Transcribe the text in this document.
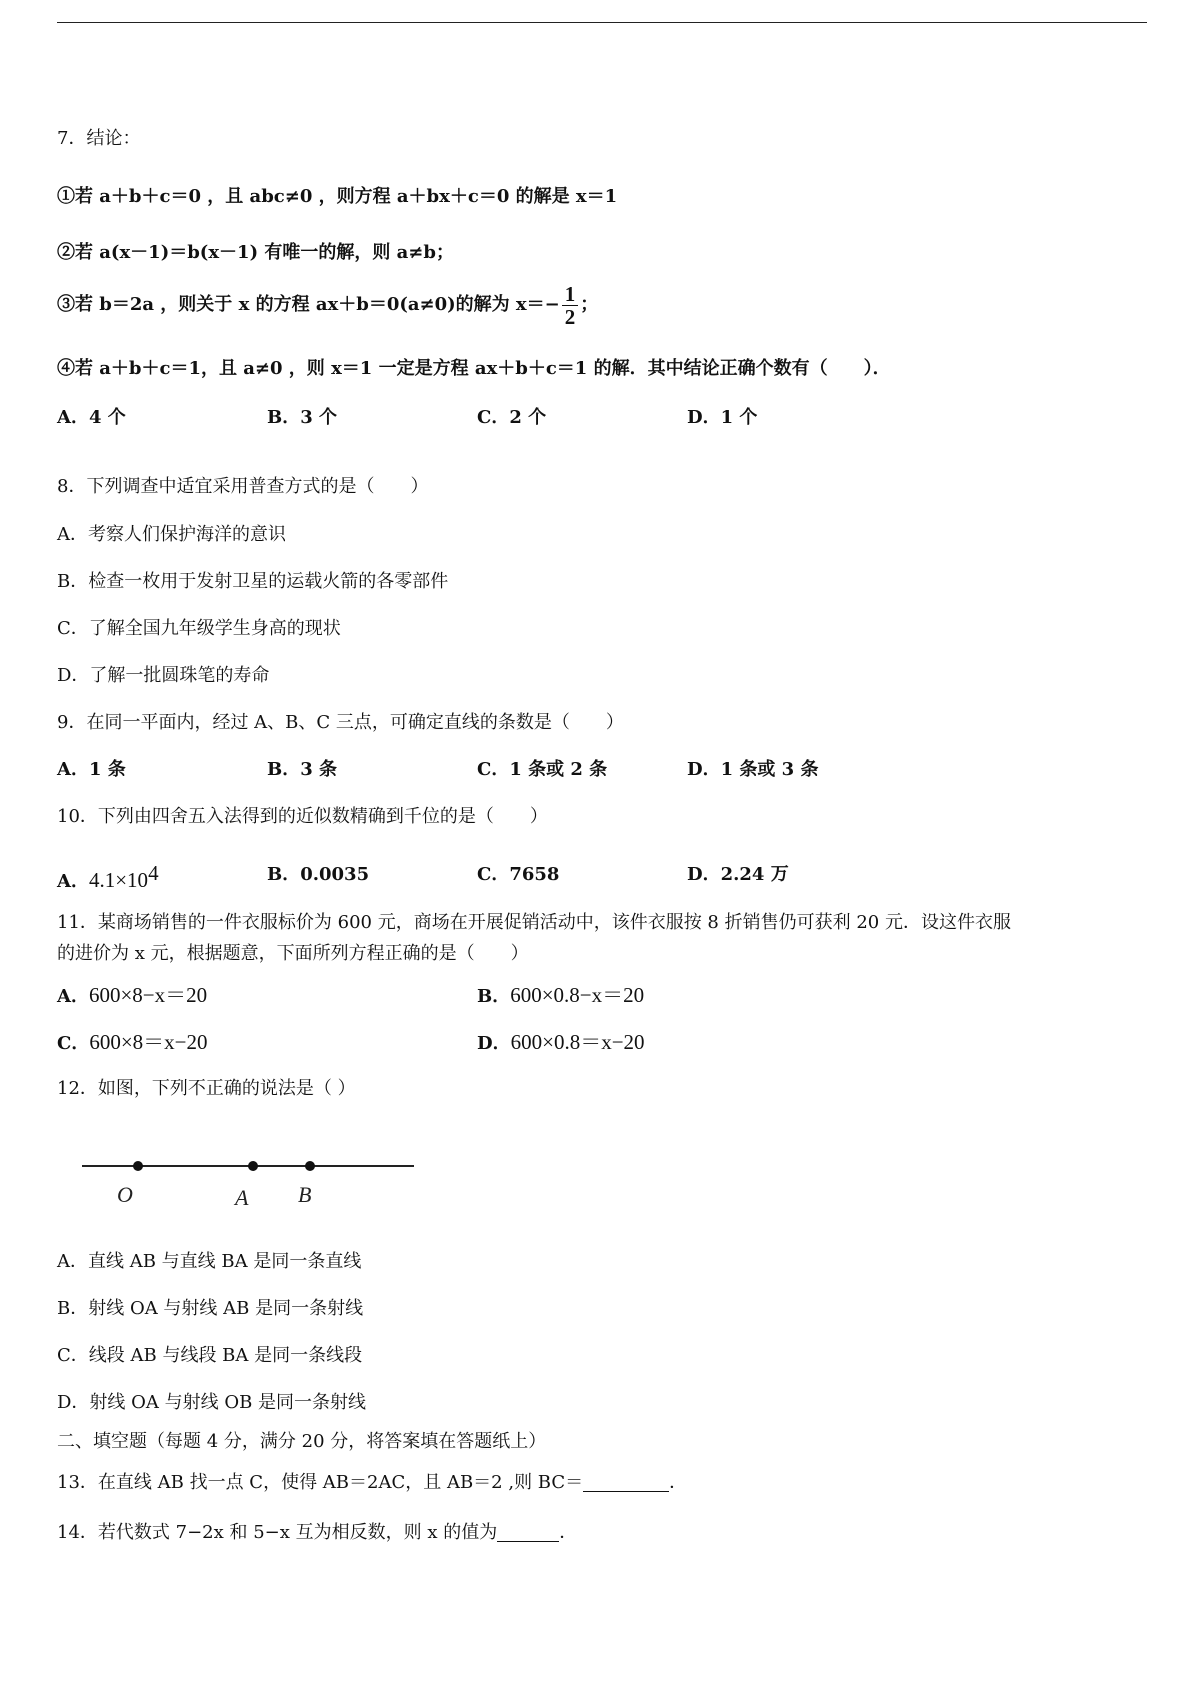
7．结论：
①若 a＋b＋c＝0 ，且 abc≠0 ，则方程 a＋bx＋c＝0 的解是 x＝1
②若 a(x－1)＝b(x－1) 有唯一的解，则 a≠b；
③若 b＝2a ，则关于 x 的方程 ax＋b＝0(a≠0)的解为 $x=- \frac{1}{2}$ ；
④若 a＋b＋c＝1，且 a≠0 ，则 x＝1 一定是方程 ax＋b＋c＝1 的解．其中结论正确个数有（　　）．
A．4 个	B．3 个	C．2 个	D．1 个
8．下列调查中适宜采用普查方式的是（　　）
A．考察人们保护海洋的意识
B．检查一枚用于发射卫星的运载火箭的各零部件
C．了解全国九年级学生身高的现状
D．了解一批圆珠笔的寿命
9．在同一平面内，经过 A、B、C 三点，可确定直线的条数是（　　）
A．1 条	B．3 条	C．1 条或 2 条	D．1 条或 3 条
10．下列由四舍五入法得到的近似数精确到千位的是（　　）
A．$4.1\times 10^4$	B．0.0035	C．7658	D．2.24 万
11．某商场销售的一件衣服标价为 600 元，商场在开展促销活动中，该件衣服按 8 折销售仍可获利 20 元．设这件衣服
的进价为 x 元，根据题意，下面所列方程正确的是（　　）
A．600×8−x＝20	B．600×0.8−x＝20
C．600×8＝x−20	D．600×0.8＝x−20
12．如图，下列不正确的说法是（ ）
O	A B
A．直线 AB 与直线 BA 是同一条直线
B．射线 OA 与射线 AB 是同一条射线
C．线段 AB 与线段 BA 是同一条线段
D．射线 OA 与射线 OB 是同一条射线
二、填空题（每题 4 分，满分 20 分，将答案填在答题纸上）
13．在直线 AB 找一点 C，使得 AB＝2AC，且 AB＝2 ,则 BC＝	．
14．若代数式 7−2x 和 5−x 互为相反数，则 x 的值为	．
